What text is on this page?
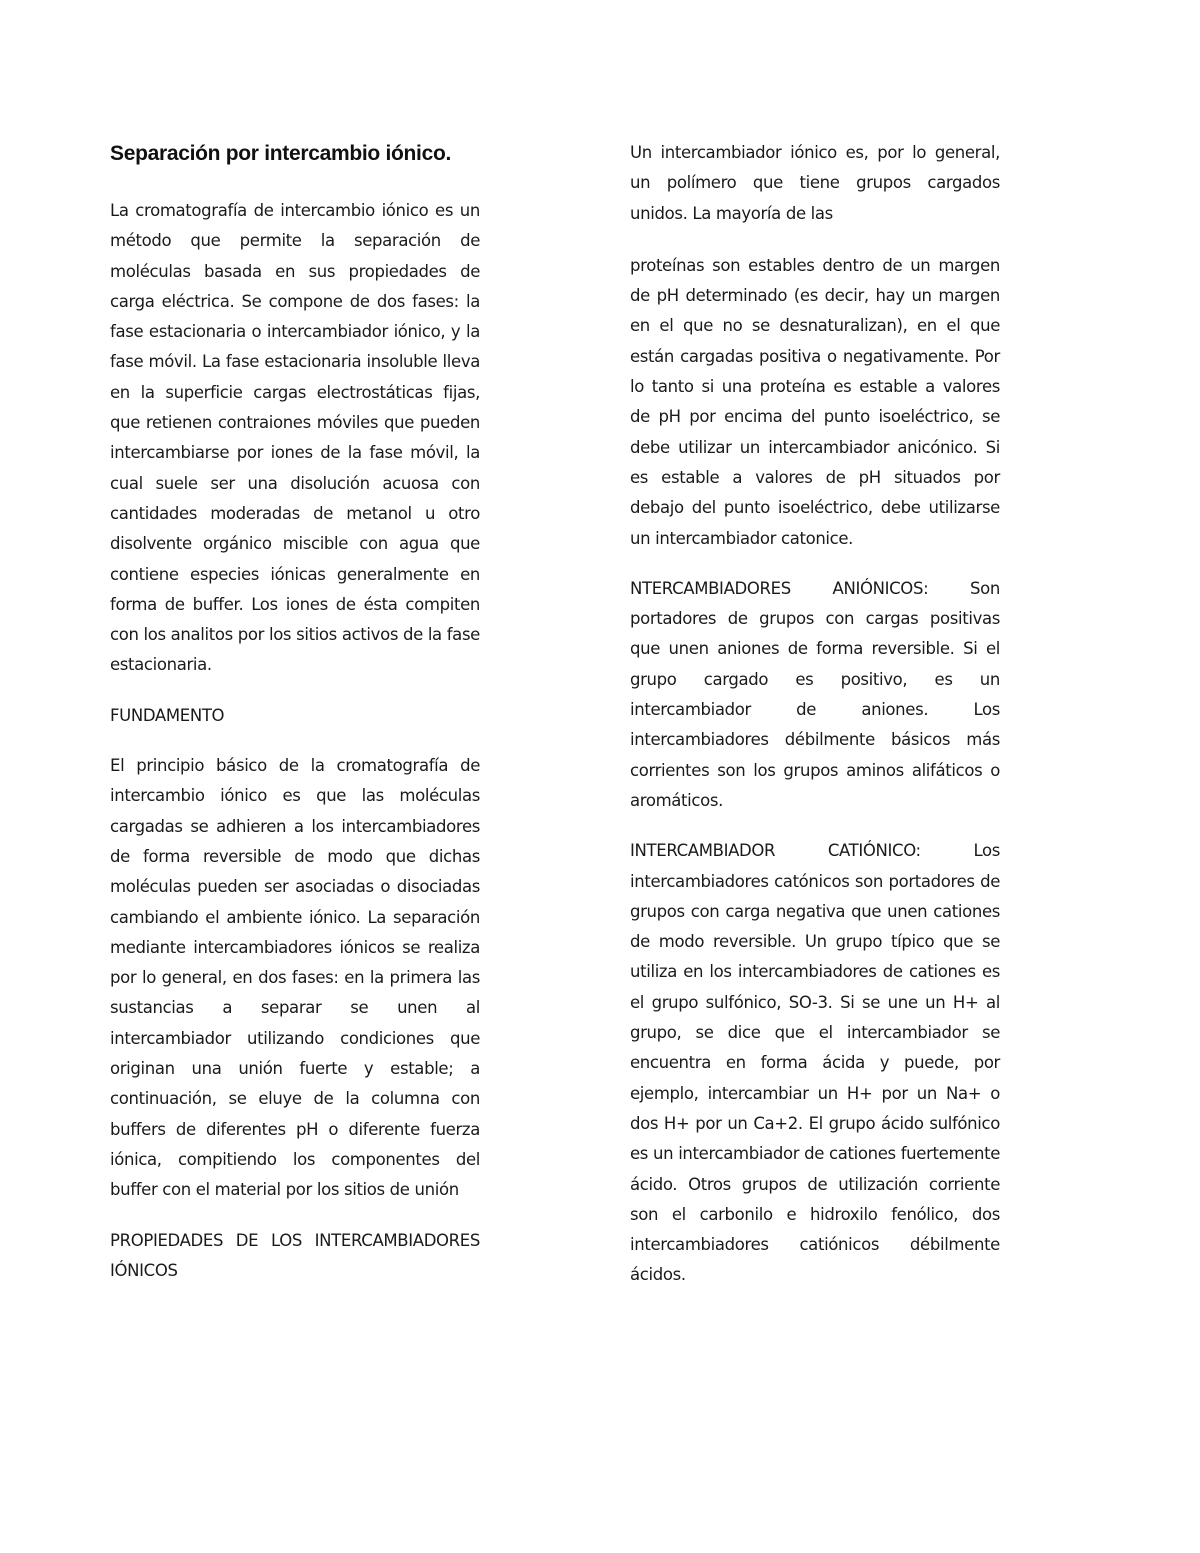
Separación por intercambio iónico.

La cromatografía de intercambio iónico es un método que permite la separación de moléculas basada en sus propiedades de carga eléctrica. Se compone de dos fases: la fase estacionaria o intercambiador iónico, y la fase móvil. La fase estacionaria insoluble lleva en la superficie cargas electrostáticas fijas, que retienen contraiones móviles que pueden intercambiarse por iones de la fase móvil, la cual suele ser una disolución acuosa con cantidades moderadas de metanol u otro disolvente orgánico miscible con agua que contiene especies iónicas generalmente en forma de buffer. Los iones de ésta compiten con los analitos por los sitios activos de la fase estacionaria.

FUNDAMENTO

El principio básico de la cromatografía de intercambio iónico es que las moléculas cargadas se adhieren a los intercambiadores de forma reversible de modo que dichas moléculas pueden ser asociadas o disociadas cambiando el ambiente iónico. La separación mediante intercambiadores iónicos se realiza por lo general, en dos fases: en la primera las sustancias a separar se unen al intercambiador utilizando condiciones que originan una unión fuerte y estable; a continuación, se eluye de la columna con buffers de diferentes pH o diferente fuerza iónica, compitiendo los componentes del buffer con el material por los sitios de unión

PROPIEDADES DE LOS INTERCAMBIADORES IÓNICOS

Un intercambiador iónico es, por lo general, un polímero que tiene grupos cargados unidos. La mayoría de las

proteínas son estables dentro de un margen de pH determinado (es decir, hay un margen en el que no se desnaturalizan), en el que están cargadas positiva o negativamente. Por lo tanto si una proteína es estable a valores de pH por encima del punto isoeléctrico, se debe utilizar un intercambiador anicónico. Si es estable a valores de pH situados por debajo del punto isoeléctrico, debe utilizarse un intercambiador catonice.

NTERCAMBIADORES ANIÓNICOS: Son portadores de grupos con cargas positivas que unen aniones de forma reversible. Si el grupo cargado es positivo, es un intercambiador de aniones. Los intercambiadores débilmente básicos más corrientes son los grupos aminos alifáticos o aromáticos.

INTERCAMBIADOR CATIÓNICO: Los intercambiadores catónicos son portadores de grupos con carga negativa que unen cationes de modo reversible. Un grupo típico que se utiliza en los intercambiadores de cationes es el grupo sulfónico, SO-3. Si se une un H+ al grupo, se dice que el intercambiador se encuentra en forma ácida y puede, por ejemplo, intercambiar un H+ por un Na+ o dos H+ por un Ca+2. El grupo ácido sulfónico es un intercambiador de cationes fuertemente ácido. Otros grupos de utilización corriente son el carbonilo e hidroxilo fenólico, dos intercambiadores catiónicos débilmente ácidos.
